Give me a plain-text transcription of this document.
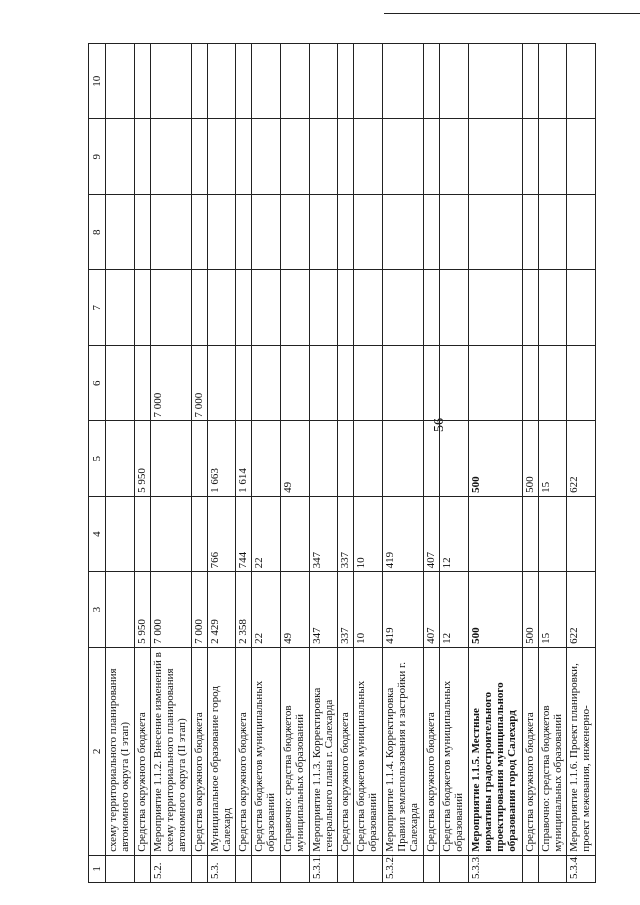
56
1	2	3	4	5	6	7	8	9	10
	схему территориального планирования автономного округа (I этап)								
	Средства окружного бюджета	5 950		5 950					
5.2.	Мероприятие 1.1.2. Внесение изменений в схему территориального планирования автономного округа (II этап)	7 000			7 000				
	Средства окружного бюджета	7 000			7 000				
5.3.	Муниципальное образование город Салехард	2 429	766	1 663					
	Средства окружного бюджета	2 358	744	1 614					
	Средства бюджетов муниципальных образований	22	22						
	Справочно: средства бюджетов муниципальных образований	49		49					
5.3.1.	Мероприятие 1.1.3. Корректировка генерального плана г. Салехарда	347	347						
	Средства окружного бюджета	337	337						
	Средства бюджетов муниципальных образований	10	10						
5.3.2.	Мероприятие 1.1.4. Корректировка Правил землепользования и застройки г. Салехарда	419	419						
	Средства окружного бюджета	407	407						
	Средства бюджетов муниципальных образований	12	12						
5.3.3.	Мероприятие 1.1.5. Местные нормативы градостроительного проектирования муниципального образования город Салехард	500		500					
	Средства окружного бюджета	500		500					
	Справочно: средства бюджетов муниципальных образований	15		15					
5.3.4.	Мероприятие 1.1.6. Проект планировки, проект межевания, инженерно-	622		622					
